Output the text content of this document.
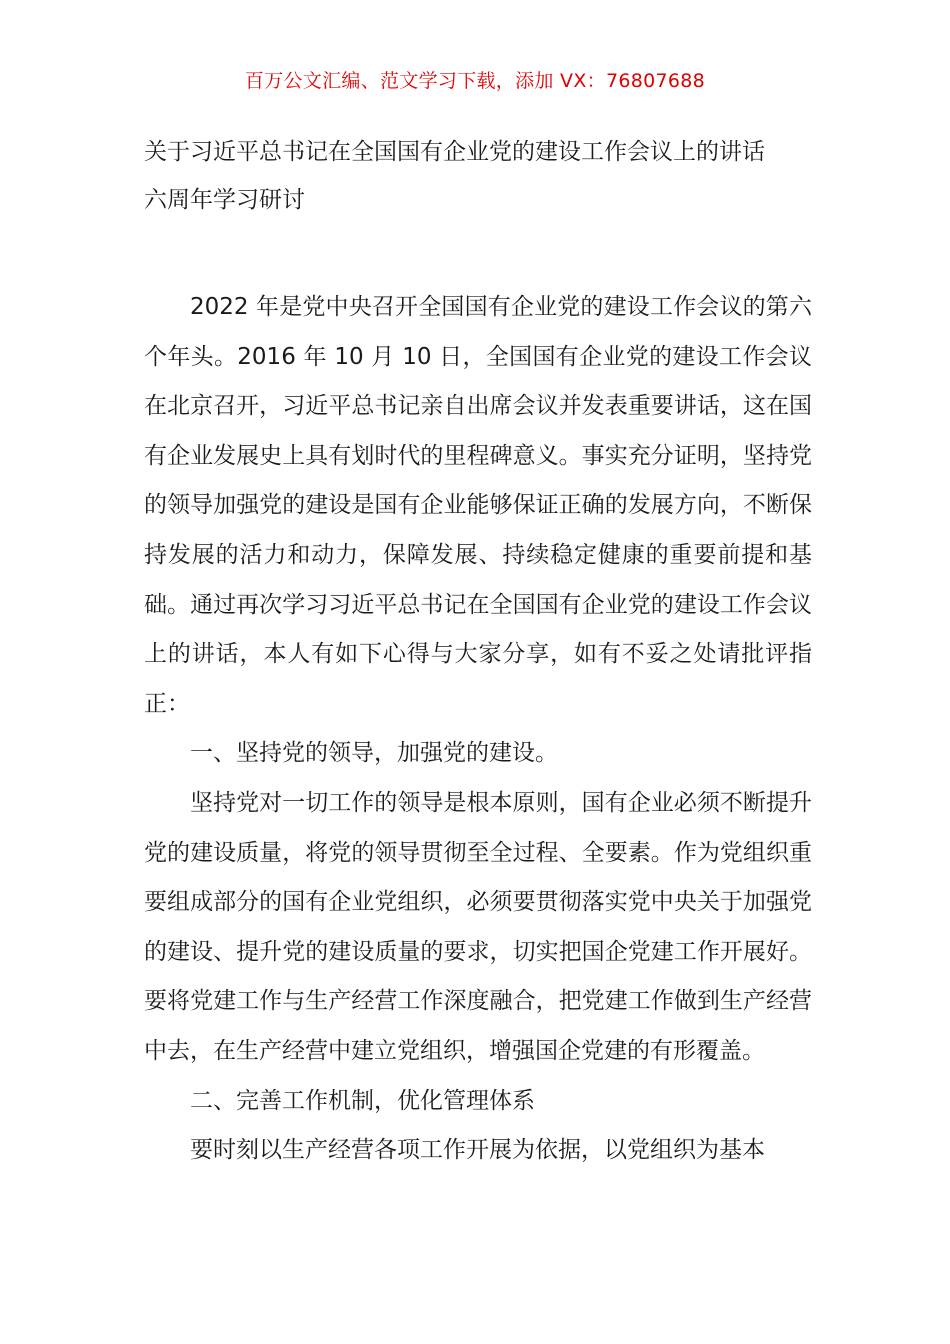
百万公文汇编、范文学习下载，添加 VX：76807688
关于习近平总书记在全国国有企业党的建设工作会议上的讲话
六周年学习研讨

2022 年是党中央召开全国国有企业党的建设工作会议的第六个年头。2016 年 10 月 10 日，全国国有企业党的建设工作会议在北京召开，习近平总书记亲自出席会议并发表重要讲话，这在国有企业发展史上具有划时代的里程碑意义。事实充分证明，坚持党的领导加强党的建设是国有企业能够保证正确的发展方向，不断保持发展的活力和动力，保障发展、持续稳定健康的重要前提和基础。通过再次学习习近平总书记在全国国有企业党的建设工作会议上的讲话，本人有如下心得与大家分享，如有不妥之处请批评指正：

一、坚持党的领导，加强党的建设。

坚持党对一切工作的领导是根本原则，国有企业必须不断提升党的建设质量，将党的领导贯彻至全过程、全要素。作为党组织重要组成部分的国有企业党组织，必须要贯彻落实党中央关于加强党的建设、提升党的建设质量的要求，切实把国企党建工作开展好。要将党建工作与生产经营工作深度融合，把党建工作做到生产经营中去，在生产经营中建立党组织，增强国企党建的有形覆盖。

二、完善工作机制，优化管理体系

要时刻以生产经营各项工作开展为依据，以党组织为基本
